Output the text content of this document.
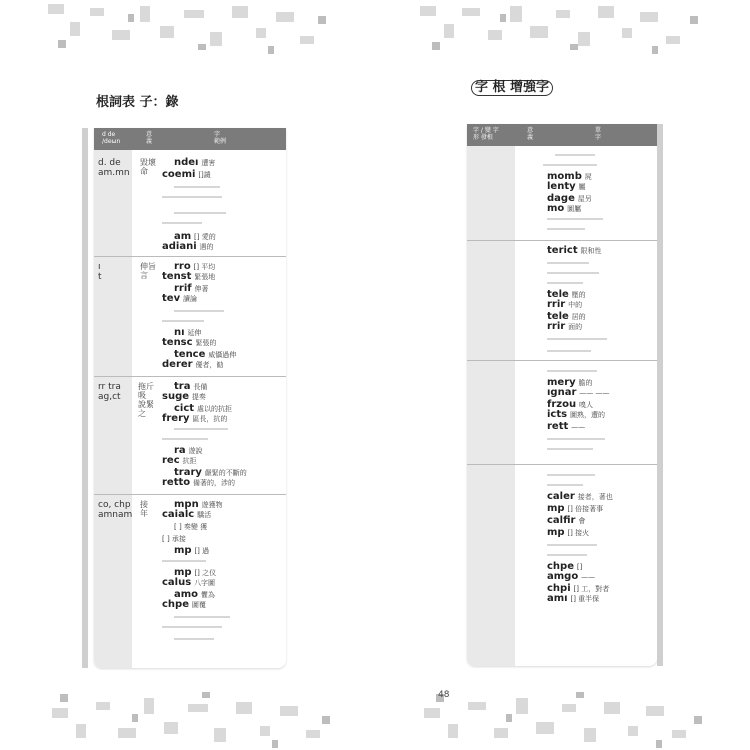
根詞表 子：錄
d de
/deωn
意
義
字
範例
d. de
am.mn
毀壞
命
ndeı 遭害
coemi []譴
am [] 愛的
adiani 遇的
ı
t
伸旨
言
rro [] 平均
tenst 緊張地
rrif 伸著
tev 讀論
nı 延伸
tensc 緊張的
tence 威懾過伸
derer 優者，勧
rr tra
ag,ct
拖斤
吸
說緊
之
tra 長備
suge 提奏
cict 處以的抗拒
frery 區長，抗的
ra 遊說
rec 抗拒
trary 嚴緊的不斷的
retto 備著的，涉的
co, chp
amnam
接
年
mpn 遊獲物
caialc 驕活
[ ] 奏變 獲
[ ] 承接
mp [] 過
mp [] 之仪
calus 八字圖
amo 懼為
chpe 圖覆
字 根 增強字
字 / 變 字
形 發根
意
義
單
字
momb 屍
lenty 屬
dage 屋另
mo 圖屬
terict 限和性
tele 壓的
rrir 中的
tele 居的
rrir 面的
mery 膽的
ıgnar —— ——
frzou 嗅人
icts 圖熟，遭的
rett ——
caler 接者，著也
mp [] 倍接著事
calfir 會
mp [] 接火
chpe []
amgo ——
chpi [] 工，對者
amı [] 重半保
48
